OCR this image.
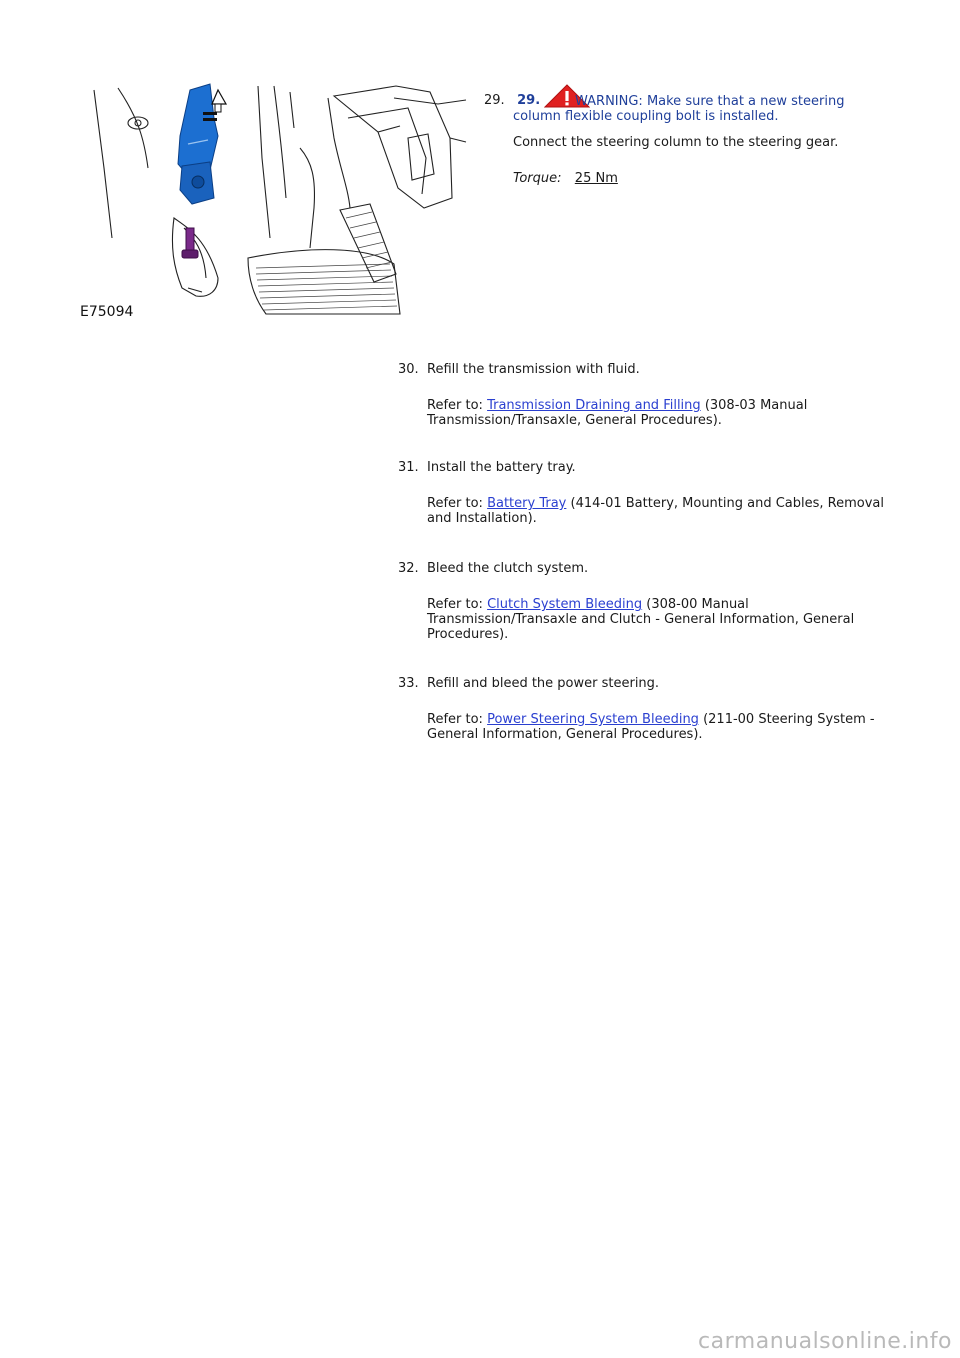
E75094
29. 29.	WARNING: Make sure that a new steering column flexible coupling bolt is installed.
Connect the steering column to the steering gear.
Torque: 25 Nm
30. Refill the transmission with fluid.
Refer to: Transmission Draining and Filling (308-03 Manual Transmission/Transaxle, General Procedures).
31. Install the battery tray.
Refer to: Battery Tray (414-01 Battery, Mounting and Cables, Removal and Installation).
32. Bleed the clutch system.
Refer to: Clutch System Bleeding (308-00 Manual Transmission/Transaxle and Clutch - General Information, General Procedures).
33. Refill and bleed the power steering.
Refer to: Power Steering System Bleeding (211-00 Steering System - General Information, General Procedures).
carmanualsonline.info
